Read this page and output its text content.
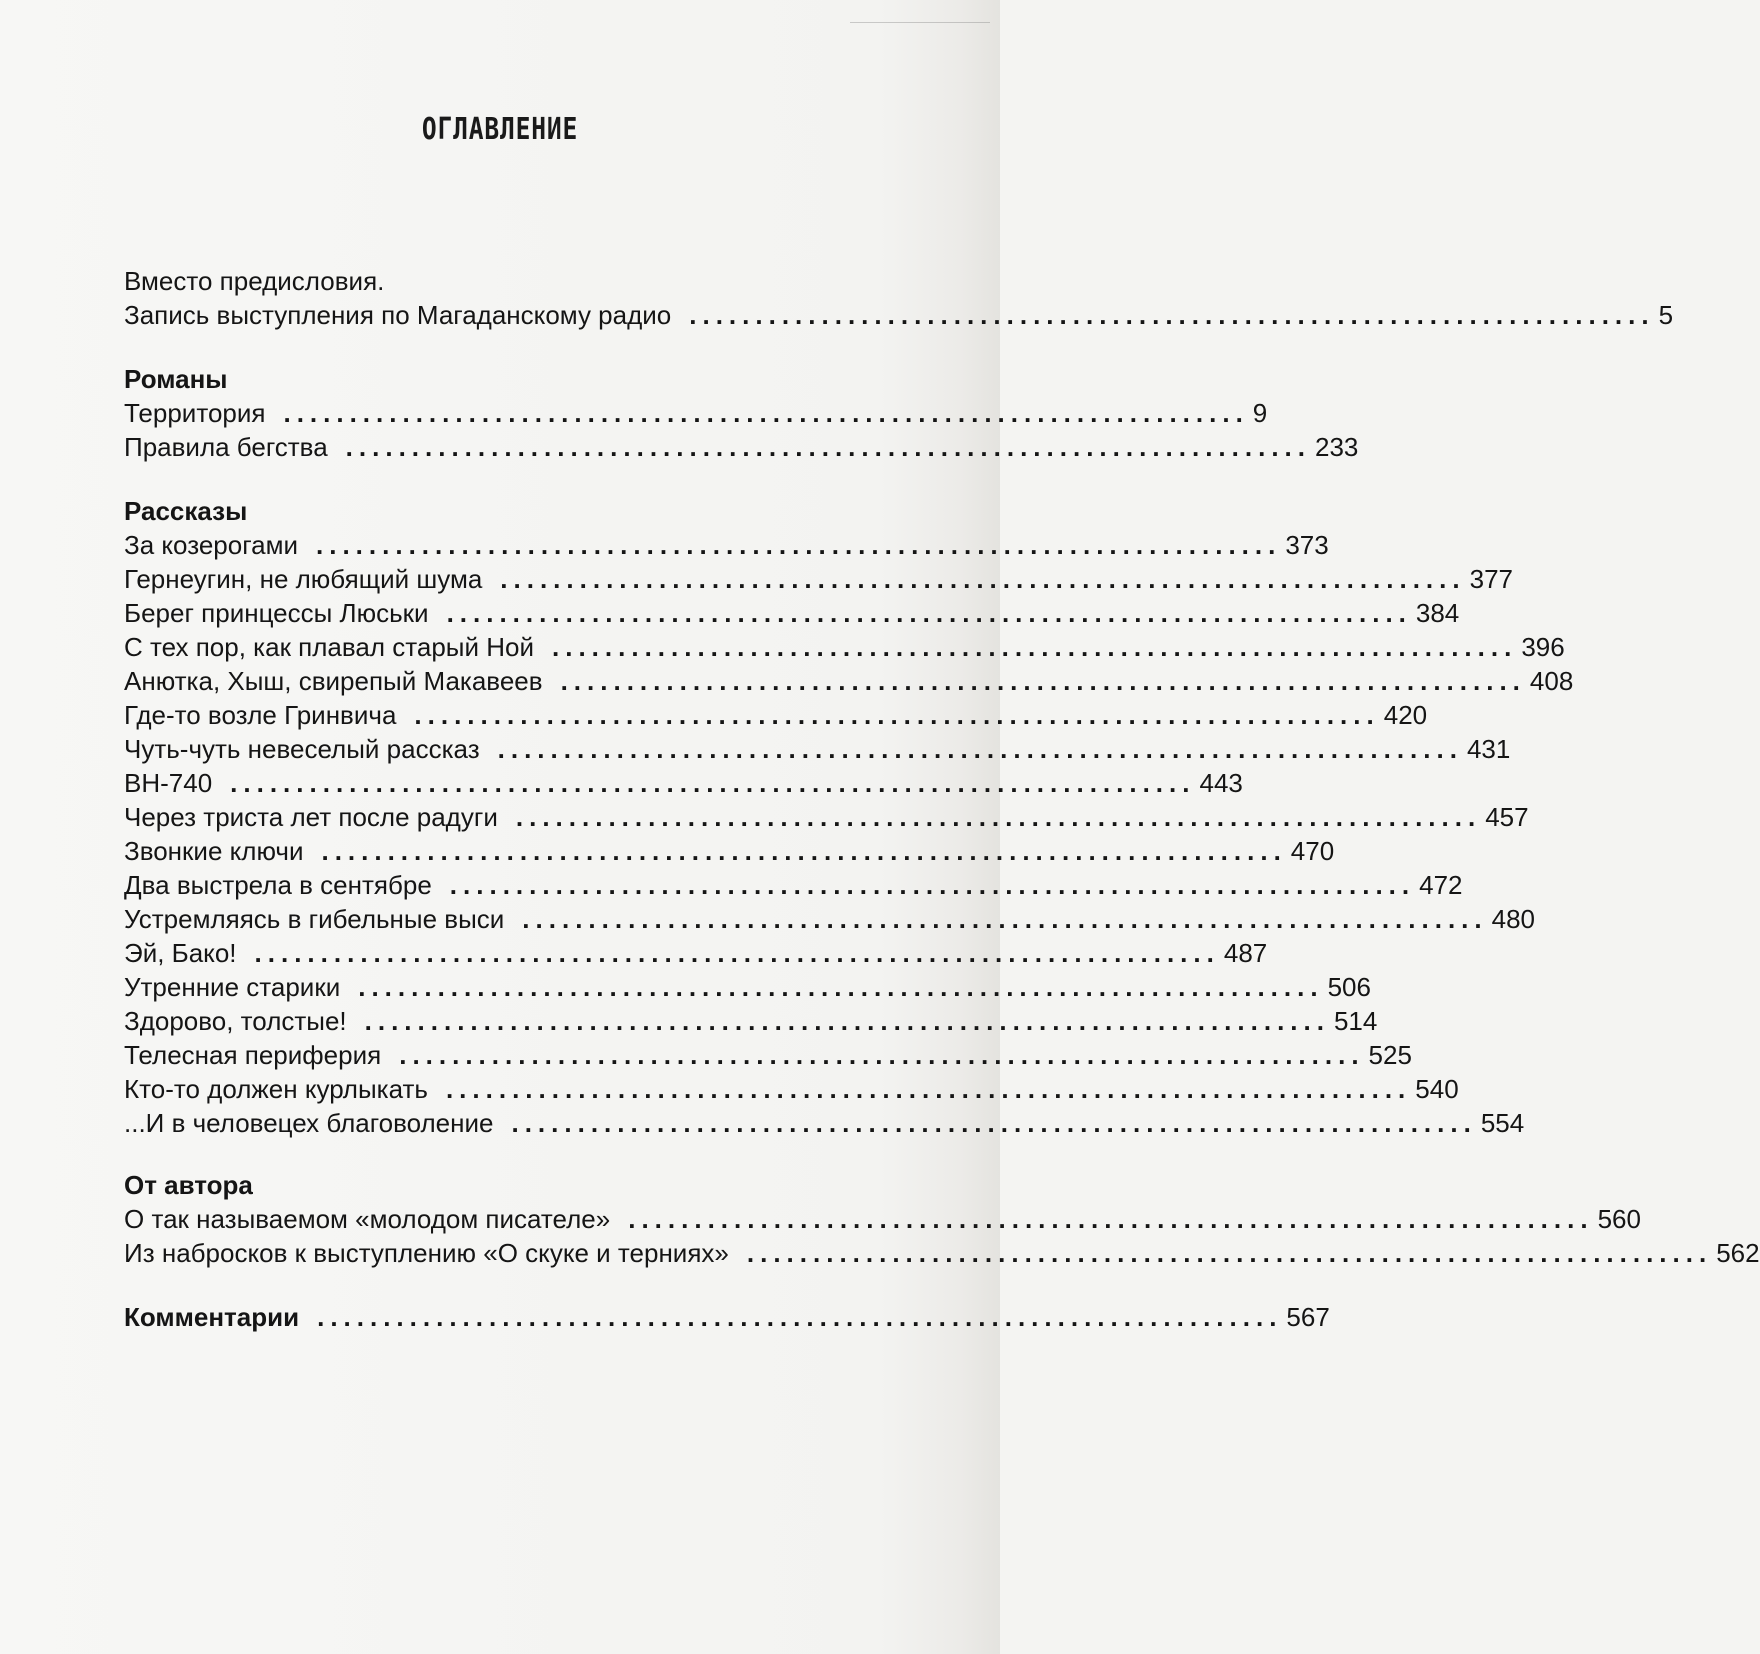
ОГЛАВЛЕНИЕ
Вместо предисловия.
Запись выступления по Магаданскому радио ......................................................................... 5
Романы
Территория ......................................................................... 9
Правила бегства ......................................................................... 233
Рассказы
За козерогами ......................................................................... 373
Гернеугин, не любящий шума ......................................................................... 377
Берег принцессы Люськи ......................................................................... 384
С тех пор, как плавал старый Ной ......................................................................... 396
Анютка, Хыш, свирепый Макавеев ......................................................................... 408
Где-то возле Гринвича ......................................................................... 420
Чуть-чуть невеселый рассказ ......................................................................... 431
ВН-740 ......................................................................... 443
Через триста лет после радуги ......................................................................... 457
Звонкие ключи ......................................................................... 470
Два выстрела в сентябре ......................................................................... 472
Устремляясь в гибельные выси ......................................................................... 480
Эй, Бако! ......................................................................... 487
Утренние старики ......................................................................... 506
Здорово, толстые! ......................................................................... 514
Телесная периферия ......................................................................... 525
Кто-то должен курлыкать ......................................................................... 540
...И в человецех благоволение ......................................................................... 554
От автора
О так называемом «молодом писателе» ......................................................................... 560
Из набросков к выступлению «О скуке и терниях» ......................................................................... 562
Комментарии ......................................................................... 567
